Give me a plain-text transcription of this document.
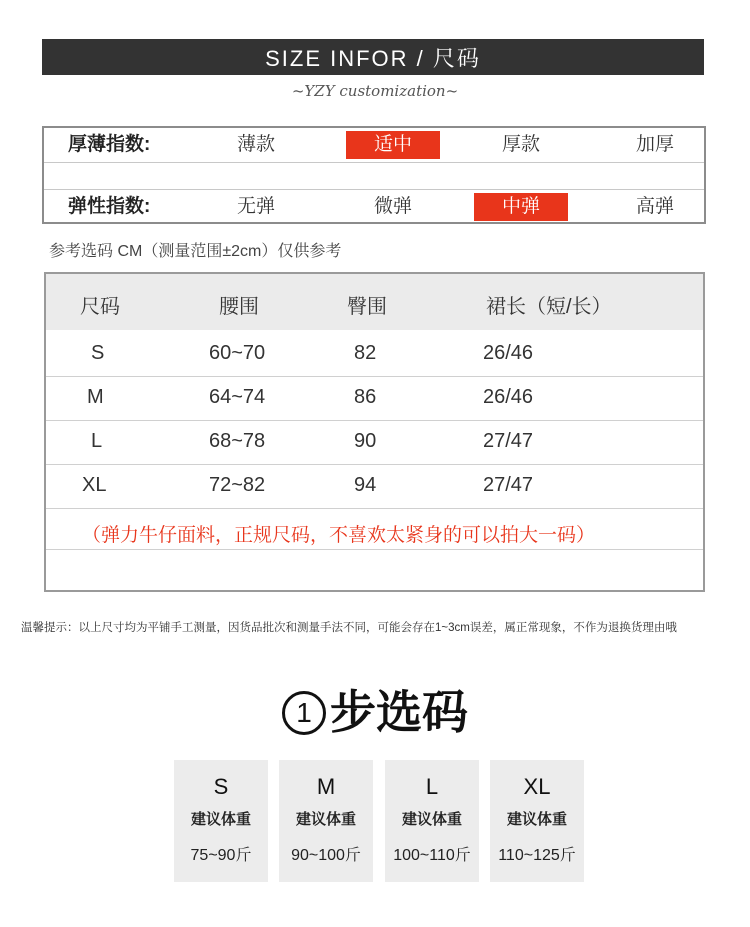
SIZE INFOR / 尺码
~YZY customization~
厚薄指数:	薄款	适中	厚款	加厚
弹性指数:	无弹	微弹	中弹	高弹
参考选码 CM（测量范围±2cm）仅供参考
尺码	腰围	臀围	裙长（短/长）
S	60~70	82	26/46
M	64~74	86	26/46
L	68~78	90	27/47
XL	72~82	94	27/47
（弹力牛仔面料，正规尺码，不喜欢太紧身的可以拍大一码）
温馨提示：以上尺寸均为平铺手工测量，因货品批次和测量手法不同，可能会存在1~3cm误差，属正常现象，不作为退换货理由哦
1 步选码
S
建议体重
75~90斤
M
建议体重
90~100斤
L
建议体重
100~110斤
XL
建议体重
110~125斤
